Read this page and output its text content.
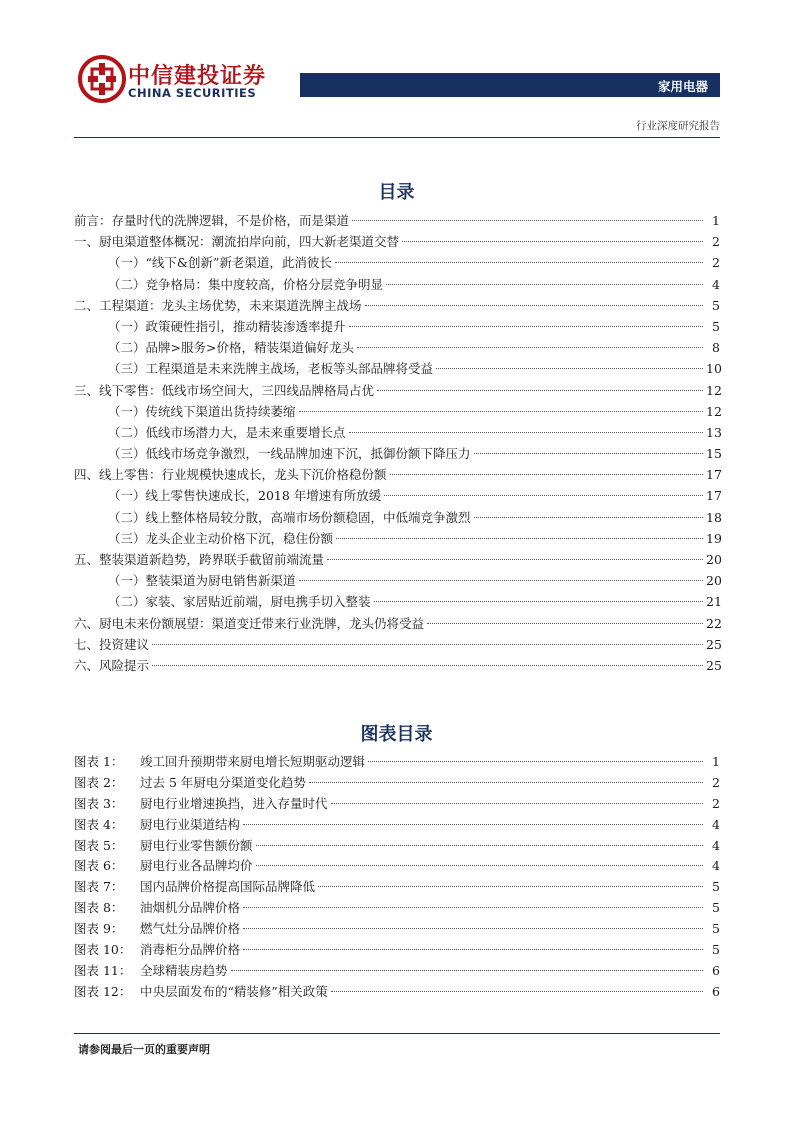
中信建投证券
CHINA SECURITIES	家用电器
行业深度研究报告
目录
前言：存量时代的洗牌逻辑，不是价格，而是渠道	1
一、厨电渠道整体概况：潮流拍岸向前，四大新老渠道交替	2
（一）“线下&创新”新老渠道，此消彼长	2
（二）竞争格局：集中度较高，价格分层竞争明显	4
二、工程渠道：龙头主场优势，未来渠道洗牌主战场	5
（一）政策硬性指引，推动精装渗透率提升	5
（二）品牌>服务>价格，精装渠道偏好龙头	8
（三）工程渠道是未来洗牌主战场，老板等头部品牌将受益	10
三、线下零售：低线市场空间大，三四线品牌格局占优	12
（一）传统线下渠道出货持续萎缩	12
（二）低线市场潜力大，是未来重要增长点	13
（三）低线市场竞争激烈，一线品牌加速下沉，抵御份额下降压力	15
四、线上零售：行业规模快速成长，龙头下沉价格稳份额	17
（一）线上零售快速成长，2018 年增速有所放缓	17
（二）线上整体格局较分散，高端市场份额稳固，中低端竞争激烈	18
（三）龙头企业主动价格下沉，稳住份额	19
五、整装渠道新趋势，跨界联手截留前端流量	20
（一）整装渠道为厨电销售新渠道	20
（二）家装、家居贴近前端，厨电携手切入整装	21
六、厨电未来份额展望：渠道变迁带来行业洗牌，龙头仍将受益	22
七、投资建议	25
六、风险提示	25
图表目录
图表 1：	竣工回升预期带来厨电增长短期驱动逻辑	1
图表 2：	过去 5 年厨电分渠道变化趋势	2
图表 3：	厨电行业增速换挡，进入存量时代	2
图表 4：	厨电行业渠道结构	4
图表 5：	厨电行业零售额份额	4
图表 6：	厨电行业各品牌均价	4
图表 7：	国内品牌价格提高国际品牌降低	5
图表 8：	油烟机分品牌价格	5
图表 9：	燃气灶分品牌价格	5
图表 10： 消毒柜分品牌价格	5
图表 11： 全球精装房趋势	6
图表 12： 中央层面发布的“精装修”相关政策	6
请参阅最后一页的重要声明
